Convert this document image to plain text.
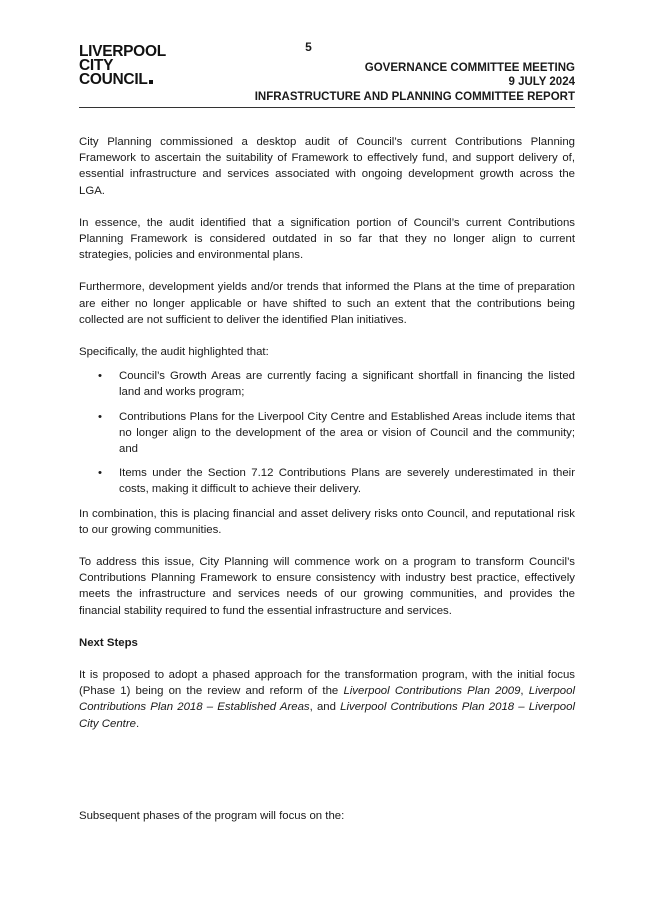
5
LIVERPOOL
CITY
COUNCIL
GOVERNANCE COMMITTEE MEETING
9 JULY 2024
INFRASTRUCTURE AND PLANNING COMMITTEE REPORT

City Planning commissioned a desktop audit of Council’s current Contributions Planning Framework to ascertain the suitability of Framework to effectively fund, and support delivery of, essential infrastructure and services associated with ongoing development growth across the LGA.

In essence, the audit identified that a signification portion of Council’s current Contributions Planning Framework is considered outdated in so far that they no longer align to current strategies, policies and environmental plans.

Furthermore, development yields and/or trends that informed the Plans at the time of preparation are either no longer applicable or have shifted to such an extent that the contributions being collected are not sufficient to deliver the identified Plan initiatives.

Specifically, the audit highlighted that:

• Council’s Growth Areas are currently facing a significant shortfall in financing the listed land and works program;
• Contributions Plans for the Liverpool City Centre and Established Areas include items that no longer align to the development of the area or vision of Council and the community; and
• Items under the Section 7.12 Contributions Plans are severely underestimated in their costs, making it difficult to achieve their delivery.

In combination, this is placing financial and asset delivery risks onto Council, and reputational risk to our growing communities.

To address this issue, City Planning will commence work on a program to transform Council’s Contributions Planning Framework to ensure consistency with industry best practice, effectively meets the infrastructure and services needs of our growing communities, and provides the financial stability required to fund the essential infrastructure and services.

Next Steps

It is proposed to adopt a phased approach for the transformation program, with the initial focus (Phase 1) being on the review and reform of the Liverpool Contributions Plan 2009, Liverpool Contributions Plan 2018 – Established Areas, and Liverpool Contributions Plan 2018 – Liverpool City Centre.

Subsequent phases of the program will focus on the:
